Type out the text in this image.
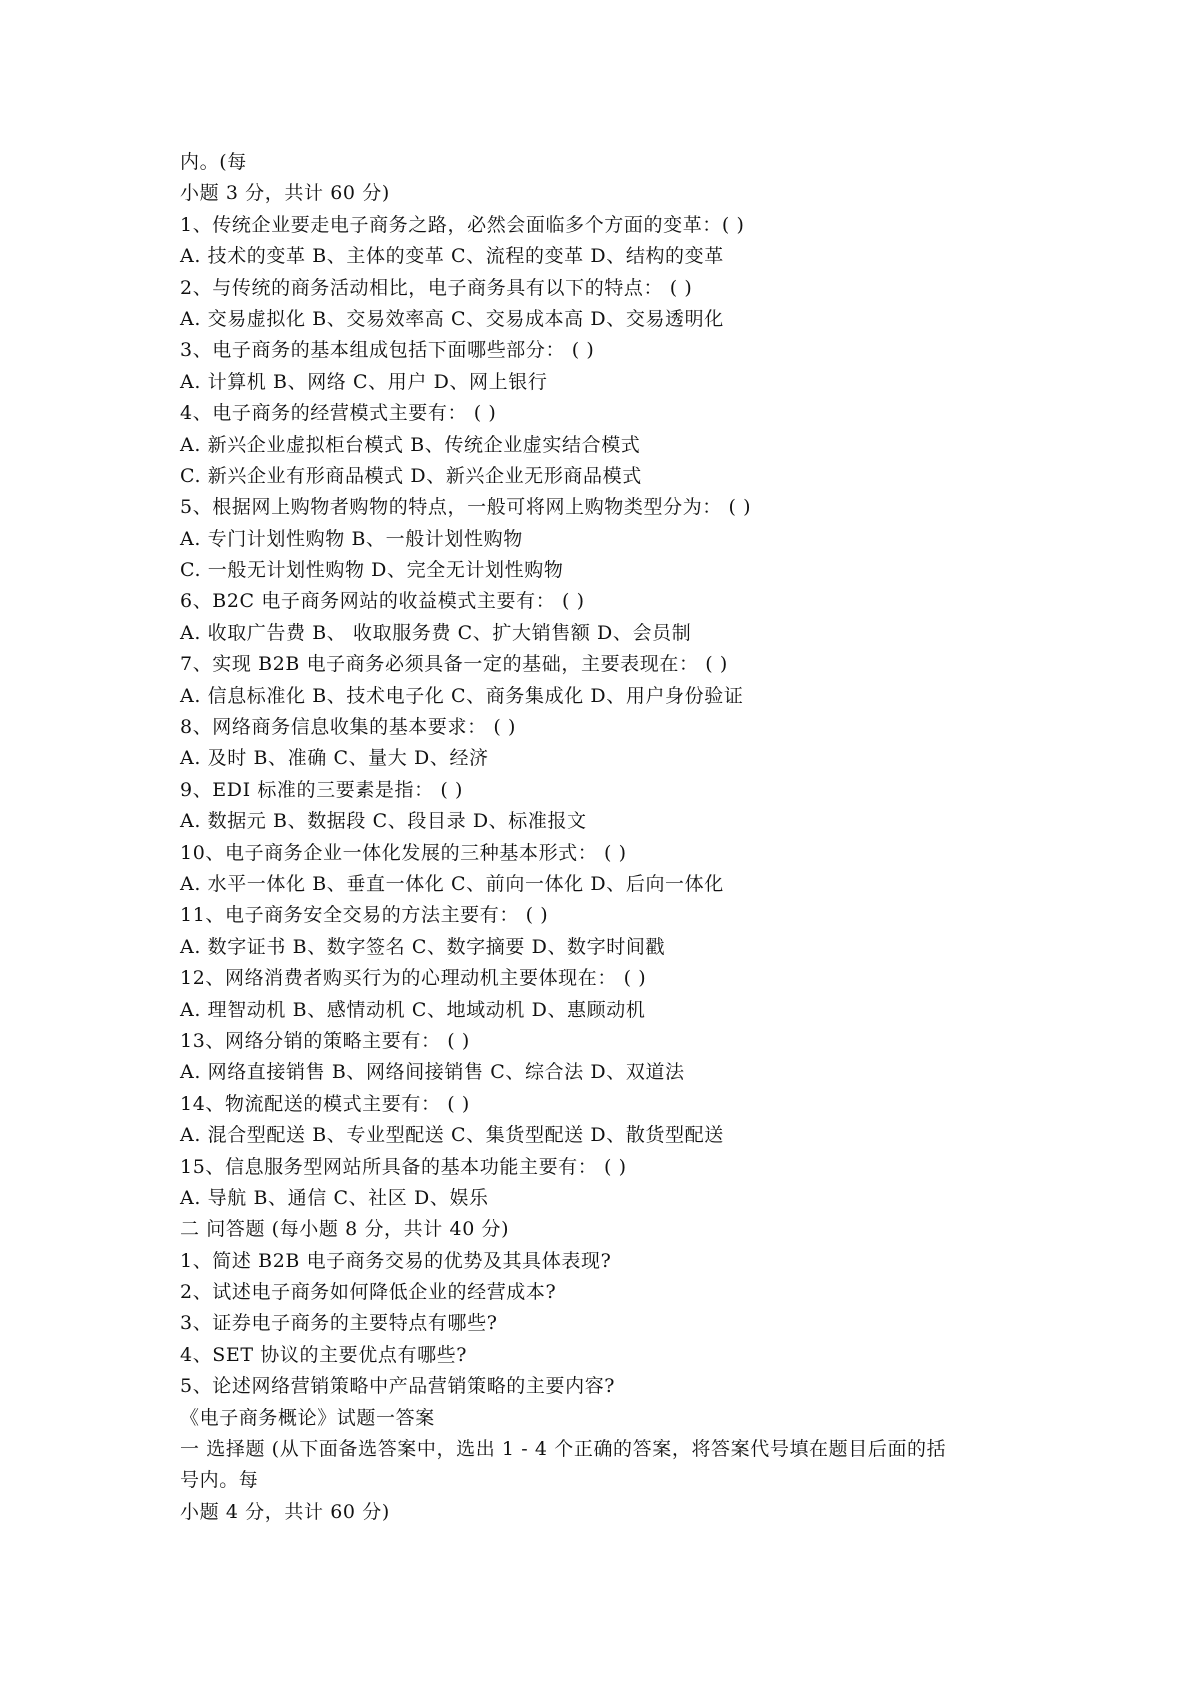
内。(每
小题 3 分，共计 60 分)
1、传统企业要走电子商务之路，必然会面临多个方面的变革：( )
A. 技术的变革 B、主体的变革 C、流程的变革 D、结构的变革
2、与传统的商务活动相比，电子商务具有以下的特点： ( )
A. 交易虚拟化 B、交易效率高 C、交易成本高 D、交易透明化
3、电子商务的基本组成包括下面哪些部分： ( )
A. 计算机 B、网络 C、用户 D、网上银行
4、电子商务的经营模式主要有： ( )
A. 新兴企业虚拟柜台模式 B、传统企业虚实结合模式
C. 新兴企业有形商品模式 D、新兴企业无形商品模式
5、根据网上购物者购物的特点，一般可将网上购物类型分为： ( )
A. 专门计划性购物 B、一般计划性购物
C. 一般无计划性购物 D、完全无计划性购物
6、B2C 电子商务网站的收益模式主要有： ( )
A. 收取广告费 B、 收取服务费 C、扩大销售额 D、会员制
7、实现 B2B 电子商务必须具备一定的基础，主要表现在： ( )
A. 信息标准化 B、技术电子化 C、商务集成化 D、用户身份验证
8、网络商务信息收集的基本要求： ( )
A. 及时 B、准确 C、量大 D、经济
9、EDI 标准的三要素是指： ( )
A. 数据元 B、数据段 C、段目录 D、标准报文
10、电子商务企业一体化发展的三种基本形式： ( )
A. 水平一体化 B、垂直一体化 C、前向一体化 D、后向一体化
11、电子商务安全交易的方法主要有： ( )
A. 数字证书 B、数字签名 C、数字摘要 D、数字时间戳
12、网络消费者购买行为的心理动机主要体现在： ( )
A. 理智动机 B、感情动机 C、地域动机 D、惠顾动机
13、网络分销的策略主要有： ( )
A. 网络直接销售 B、网络间接销售 C、综合法 D、双道法
14、物流配送的模式主要有： ( )
A. 混合型配送 B、专业型配送 C、集货型配送 D、散货型配送
15、信息服务型网站所具备的基本功能主要有： ( )
A. 导航 B、通信 C、社区 D、娱乐
二 问答题 (每小题 8 分，共计 40 分)
1、简述 B2B 电子商务交易的优势及其具体表现?
2、试述电子商务如何降低企业的经营成本?
3、证券电子商务的主要特点有哪些?
4、SET 协议的主要优点有哪些?
5、论述网络营销策略中产品营销策略的主要内容?
《电子商务概论》试题一答案
一 选择题 (从下面备选答案中，选出 1 - 4 个正确的答案，将答案代号填在题目后面的括
号内。每
小题 4 分，共计 60 分)
